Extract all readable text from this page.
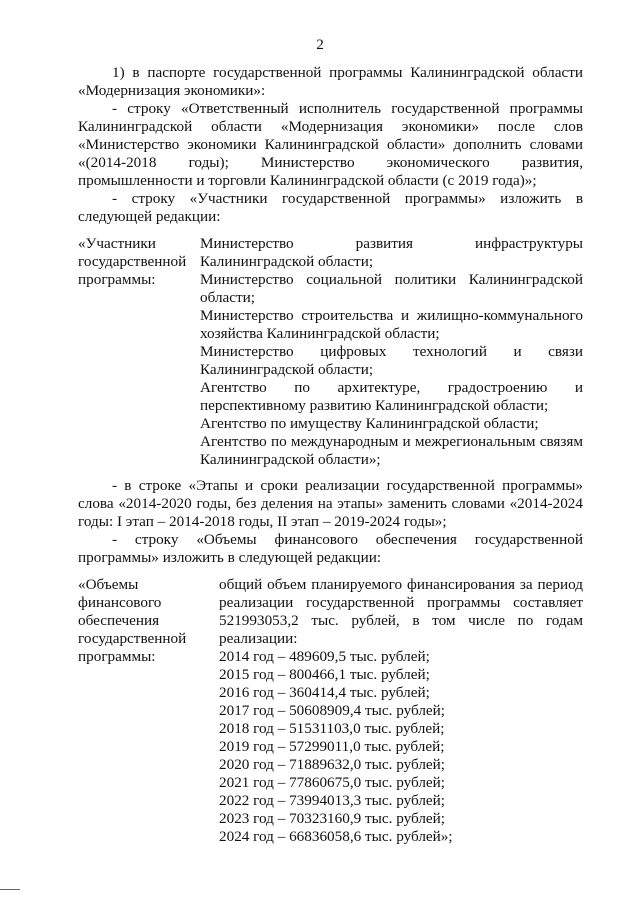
2
1) в паспорте государственной программы Калининградской области «Модернизация экономики»:
- строку «Ответственный исполнитель государственной программы Калининградской области «Модернизация экономики» после слов «Министерство экономики Калининградской области» дополнить словами «(2014-2018 годы); Министерство экономического развития, промышленности и торговли Калининградской области (с 2019 года)»;
- строку «Участники государственной программы» изложить в следующей редакции:
«Участники
государственной
программы:
Министерство развития инфраструктуры Калининградской области;
Министерство социальной политики Калининградской области;
Министерство строительства и жилищно-коммунального хозяйства Калининградской области;
Министерство цифровых технологий и связи Калининградской области;
Агентство по архитектуре, градостроению и перспективному развитию Калининградской области;
Агентство по имуществу Калининградской области;
Агентство по международным и межрегиональным связям Калининградской области»;
- в строке «Этапы и сроки реализации государственной программы» слова «2014-2020 годы, без деления на этапы» заменить словами «2014-2024 годы: I этап – 2014-2018 годы, II этап – 2019-2024 годы»;
- строку «Объемы финансового обеспечения государственной программы» изложить в следующей редакции:
«Объемы
финансового
обеспечения
государственной
программы:
общий объем планируемого финансирования за период реализации государственной программы составляет 521993053,2 тыс. рублей, в том числе по годам реализации:
2014 год – 489609,5 тыс. рублей;
2015 год – 800466,1 тыс. рублей;
2016 год – 360414,4 тыс. рублей;
2017 год – 50608909,4 тыс. рублей;
2018 год – 51531103,0 тыс. рублей;
2019 год – 57299011,0 тыс. рублей;
2020 год – 71889632,0 тыс. рублей;
2021 год – 77860675,0 тыс. рублей;
2022 год – 73994013,3 тыс. рублей;
2023 год – 70323160,9 тыс. рублей;
2024 год – 66836058,6 тыс. рублей»;
